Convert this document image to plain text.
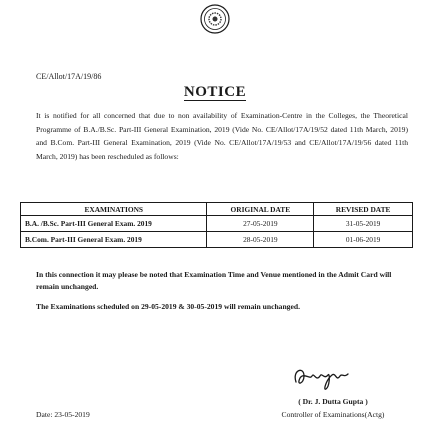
CE/Allot/17A/19/86
NOTICE

It is notified for all concerned that due to non availability of Examination-Centre in the Colleges, the Theoretical Programme of B.A./B.Sc. Part-III General Examination, 2019 (Vide No. CE/Allot/17A/19/52 dated 11th March, 2019) and B.Com. Part-III General Examination, 2019 (Vide No. CE/Allot/17A/19/53 and CE/Allot/17A/19/56 dated 11th March, 2019) has been rescheduled as follows:

EXAMINATIONS	ORIGINAL DATE	REVISED DATE
B.A. /B.Sc. Part-III General Exam. 2019	27-05-2019	31-05-2019
B.Com. Part-III General Exam. 2019	28-05-2019	01-06-2019

In this connection it may please be noted that Examination Time and Venue mentioned in the Admit Card will remain unchanged.

The Examinations scheduled on 29-05-2019 & 30-05-2019 will remain unchanged.

( Dr. J. Dutta Gupta )
Controller of Examinations(Actg)
Date: 23-05-2019
